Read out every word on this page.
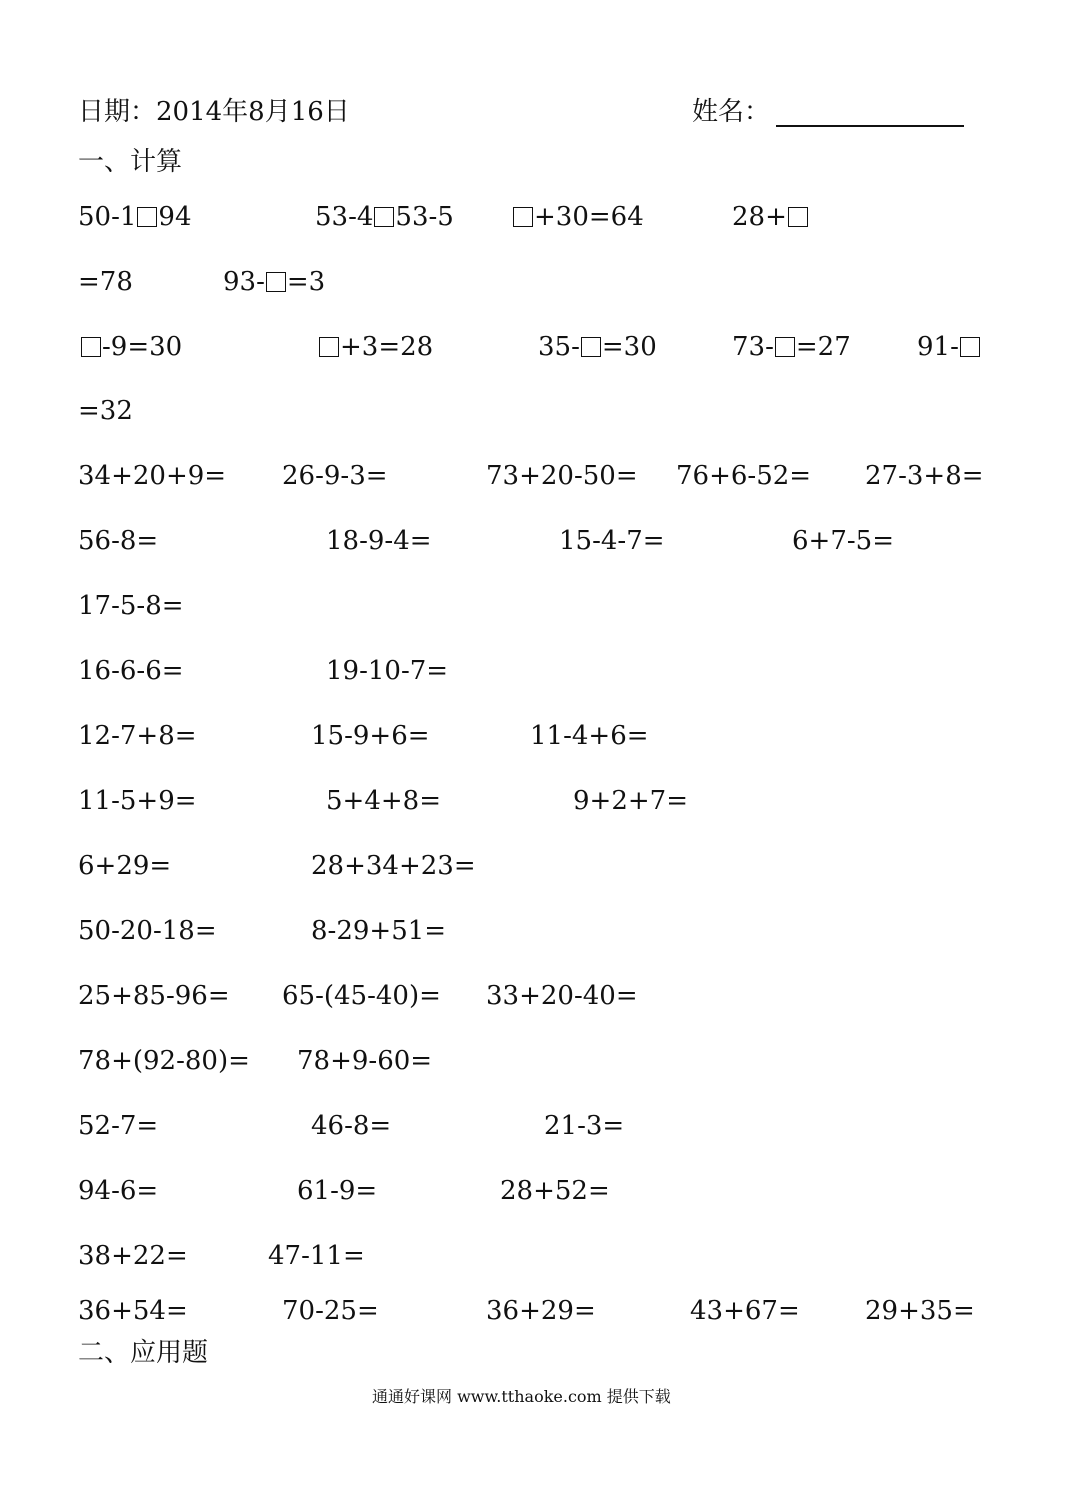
日期：2014年8月16日	姓名：
一、计算
50-1 94	53-4 53-5	+30=64	28+
=78	93- =3
-9=30	+3=28	35- =30	73- =27	91-
=32
34+20+9= 26-9-3=	73+20-50= 76+6-52= 27-3+8=
56-8=	18-9-4=	15-4-7=	6+7-5=
17-5-8=
16-6-6=	19-10-7=
12-7+8=	15-9+6=	11-4+6=
11-5+9=	5+4+8=	9+2+7=
6+29=	28+34+23=
50-20-18=	8-29+51=
25+85-96= 65-(45-40)= 33+20-40=
78+(92-80)= 78+9-60=
52-7=	46-8=	21-3=
94-6=	61-9=	28+52=
38+22=	47-11=
36+54=	70-25=	36+29=	43+67=	29+35=
二、应用题
通通好课网 www.tthaoke.com 提供下载
